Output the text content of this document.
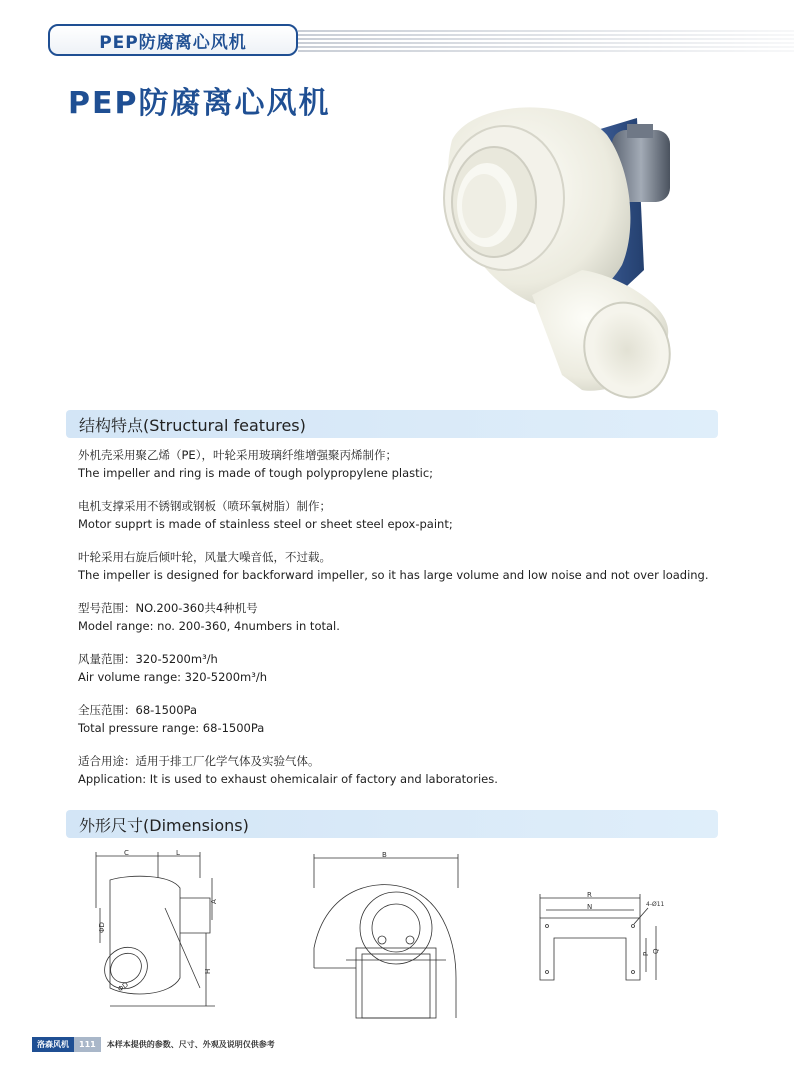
PEP防腐离心风机
PEP防腐离心风机
结构特点(Structural features)
外机壳采用聚乙烯（PE），叶轮采用玻璃纤维增强聚丙烯制作；
The impeller and ring is made of tough polypropylene plastic;
电机支撑采用不锈钢或钢板（喷环氧树脂）制作；
Motor supprt is made of stainless steel or sheet steel epox-paint;
叶轮采用右旋后倾叶轮，风量大噪音低，不过载。
The impeller is designed for backforward impeller, so it has large volume and low noise and not over loading.
型号范围：NO.200-360共4种机号
Model range: no. 200-360, 4numbers in total.
风量范围：320-5200m³/h
Air volume range: 320-5200m³/h
全压范围：68-1500Pa
Total pressure range: 68-1500Pa
适合用途：适用于排工厂化学气体及实验气体。
Application: It is used to exhaust ohemicalair of factory and laboratories.
外形尺寸(Dimensions)
C	L
ΦD
ΦD
A
H
B
R
N	4-Ø11
P Q
洛森风机	111	本样本提供的参数、尺寸、外观及说明仅供参考
